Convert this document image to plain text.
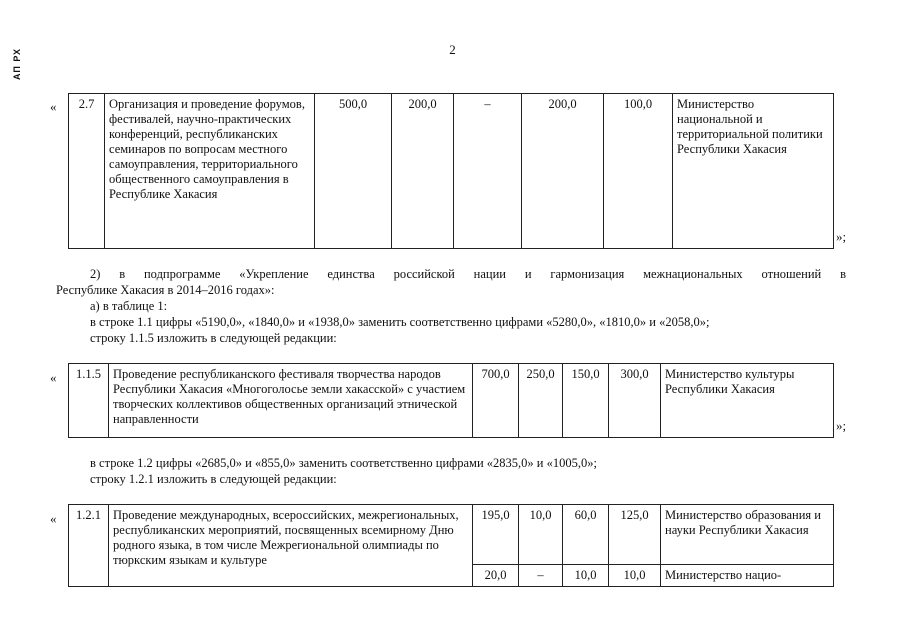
АП РХ	2
« 2.7	Организация и проведение форумов, фестивалей, научно-практических конференций, республиканских семинаров по вопросам местного самоуправления, территориального общественного самоуправления в Республике Хакасия	500,0	200,0	–	200,0	100,0	Министерство национальной и территориальной политики Республики Хакасия
»;
2) в подпрограмме «Укрепление единства российской нации и гармонизация межнациональных отношений в
Республике Хакасия в 2014–2016 годах»:
а) в таблице 1:
в строке 1.1 цифры «5190,0», «1840,0» и «1938,0» заменить соответственно цифрами «5280,0», «1810,0» и «2058,0»;
строку 1.1.5 изложить в следующей редакции:
« 1.1.5	Проведение республиканского фестиваля творчества народов Республики Хакасия «Многоголосье земли хакасской» с участием творческих коллективов общественных организаций этнической направленности	700,0	250,0	150,0	300,0	Министерство культуры Республики Хакасия
»;
в строке 1.2 цифры «2685,0» и «855,0» заменить соответственно цифрами «2835,0» и «1005,0»;
строку 1.2.1 изложить в следующей редакции:
« 1.2.1	Проведение международных, всероссийских, межрегиональных, республиканских мероприятий, посвященных всемирному Дню родного языка, в том числе Межрегиональной олимпиады по тюркским языкам и культуре	195,0	10,0	60,0	125,0	Министерство образования и науки Республики Хакасия
		20,0	–	10,0	10,0	Министерство нацио-
